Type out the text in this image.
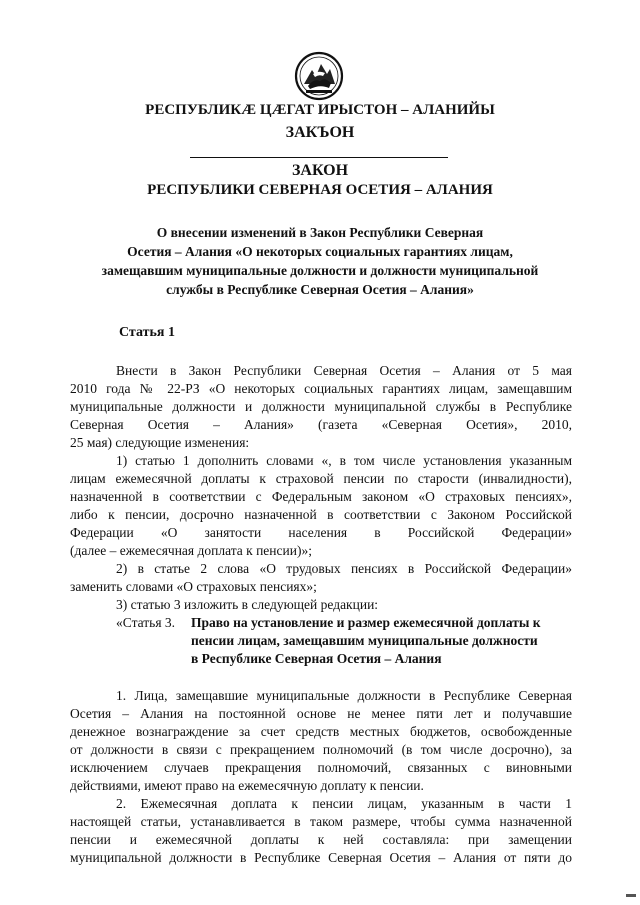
РЕСПУБЛИКÆ ЦÆГАТ ИРЫСТОН – АЛАНИЙЫ
ЗАКЪОН
ЗАКОН
РЕСПУБЛИКИ СЕВЕРНАЯ ОСЕТИЯ – АЛАНИЯ
О внесении изменений в Закон Республики Северная
Осетия – Алания «О некоторых социальных гарантиях лицам,
замещавшим муниципальные должности и должности муниципальной
службы в Республике Северная Осетия – Алания»
Статья 1
Внести в Закон Республики Северная Осетия – Алания от 5 мая
2010 года № 22-РЗ «О некоторых социальных гарантиях лицам, замещавшим
муниципальные должности и должности муниципальной службы в Республике
Северная Осетия – Алания» (газета «Северная Осетия», 2010,
25 мая) следующие изменения:
1) статью 1 дополнить словами «, в том числе установления указанным
лицам ежемесячной доплаты к страховой пенсии по старости (инвалидности),
назначенной в соответствии с Федеральным законом «О страховых пенсиях»,
либо к пенсии, досрочно назначенной в соответствии с Законом Российской
Федерации «О занятости населения в Российской Федерации»
(далее – ежемесячная доплата к пенсии)»;
2) в статье 2 слова «О трудовых пенсиях в Российской Федерации»
заменить словами «О страховых пенсиях»;
3) статью 3 изложить в следующей редакции:
«Статья 3. Право на установление и размер ежемесячной доплаты к
пенсии лицам, замещавшим муниципальные должности
в Республике Северная Осетия – Алания
1. Лица, замещавшие муниципальные должности в Республике Северная
Осетия – Алания на постоянной основе не менее пяти лет и получавшие
денежное вознаграждение за счет средств местных бюджетов, освобожденные
от должности в связи с прекращением полномочий (в том числе досрочно), за
исключением случаев прекращения полномочий, связанных с виновными
действиями, имеют право на ежемесячную доплату к пенсии.
2. Ежемесячная доплата к пенсии лицам, указанным в части 1
настоящей статьи, устанавливается в таком размере, чтобы сумма назначенной
пенсии и ежемесячной доплаты к ней составляла: при замещении
муниципальной должности в Республике Северная Осетия – Алания от пяти до
